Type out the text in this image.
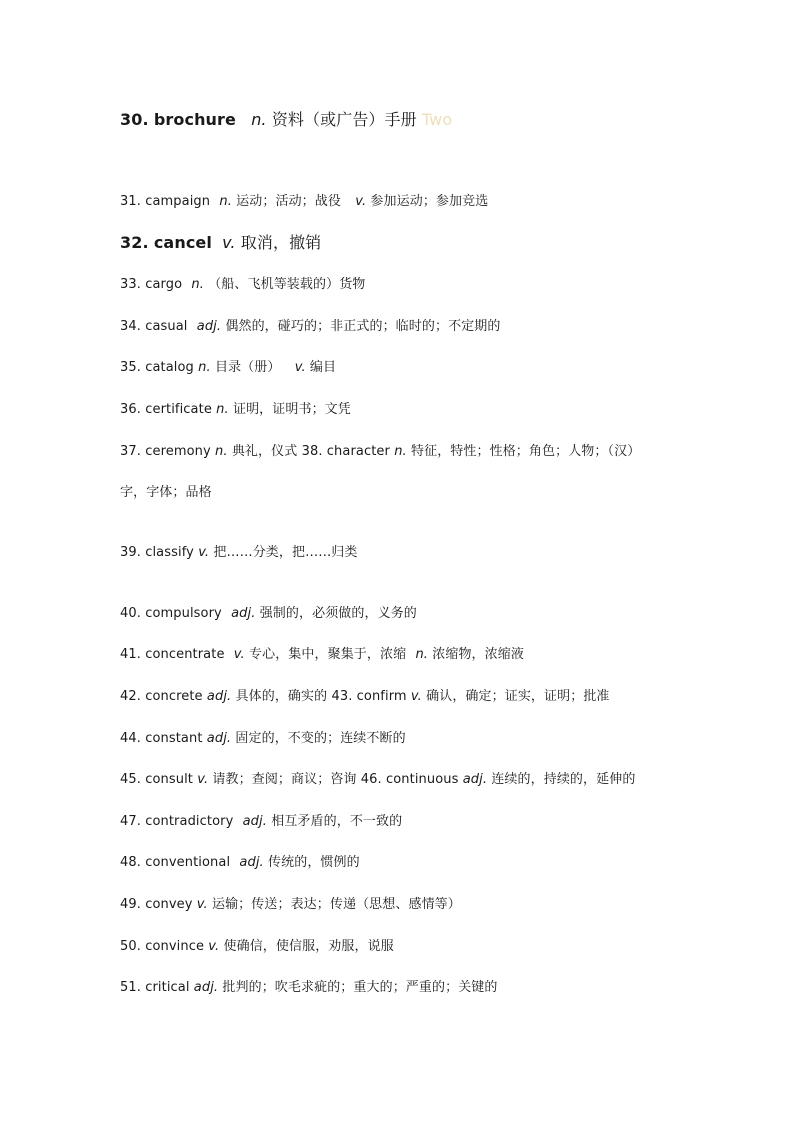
30. brochure n. 资料（或广告）手册 Two
31. campaign n. 运动；活动；战役 v. 参加运动；参加竞选
32. cancel v. 取消，撤销
33. cargo n. （船、飞机等装载的）货物
34. casual adj. 偶然的，碰巧的；非正式的；临时的；不定期的
35. catalog n. 目录（册） v. 编目
36. certificate n. 证明，证明书；文凭
37. ceremony n. 典礼，仪式 38. character n. 特征，特性；性格；角色；人物；（汉）
字，字体；品格
39. classify v. 把……分类，把……归类
40. compulsory adj. 强制的，必须做的，义务的
41. concentrate v. 专心，集中，聚集于，浓缩 n. 浓缩物，浓缩液
42. concrete adj. 具体的，确实的 43. confirm v. 确认，确定；证实，证明；批准
44. constant adj. 固定的，不变的；连续不断的
45. consult v. 请教；查阅；商议；咨询 46. continuous adj. 连续的，持续的，延伸的
47. contradictory adj. 相互矛盾的，不一致的
48. conventional adj. 传统的，惯例的
49. convey v. 运输；传送；表达；传递（思想、感情等）
50. convince v. 使确信，使信服，劝服，说服
51. critical adj. 批判的；吹毛求疵的；重大的；严重的；关键的
